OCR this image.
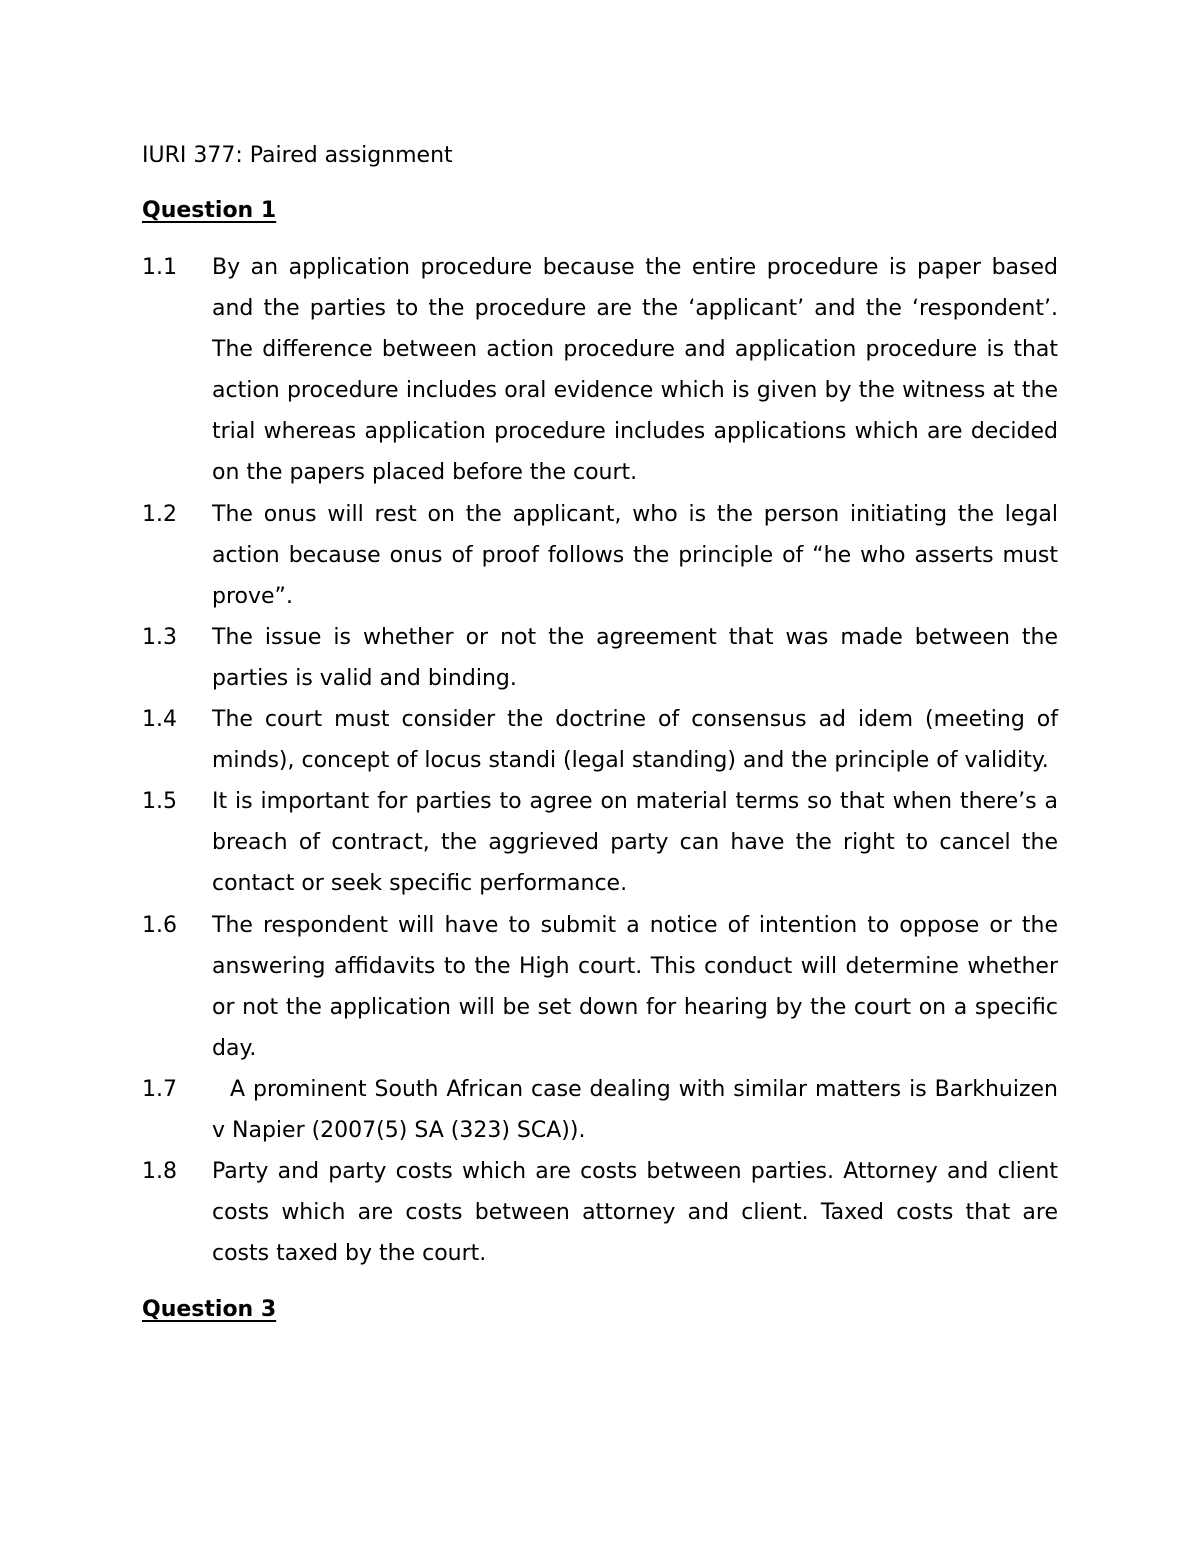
IURI 377: Paired assignment
Question 1
1.1	By an application procedure because the entire procedure is paper based and the parties to the procedure are the ‘applicant’ and the ‘respondent’. The difference between action procedure and application procedure is that action procedure includes oral evidence which is given by the witness at the trial whereas application procedure includes applications which are decided on the papers placed before the court.
1.2	The onus will rest on the applicant, who is the person initiating the legal action because onus of proof follows the principle of “he who asserts must prove”.
1.3	The issue is whether or not the agreement that was made between the parties is valid and binding.
1.4	The court must consider the doctrine of consensus ad idem (meeting of minds), concept of locus standi (legal standing) and the principle of validity.
1.5	It is important for parties to agree on material terms so that when there’s a breach of contract, the aggrieved party can have the right to cancel the contact or seek specific performance.
1.6	The respondent will have to submit a notice of intention to oppose or the answering affidavits to the High court. This conduct will determine whether or not the application will be set down for hearing by the court on a specific day.
1.7	A prominent South African case dealing with similar matters is Barkhuizen v Napier (2007(5) SA (323) SCA)).
1.8	Party and party costs which are costs between parties. Attorney and client costs which are costs between attorney and client. Taxed costs that are costs taxed by the court.
Question 3
